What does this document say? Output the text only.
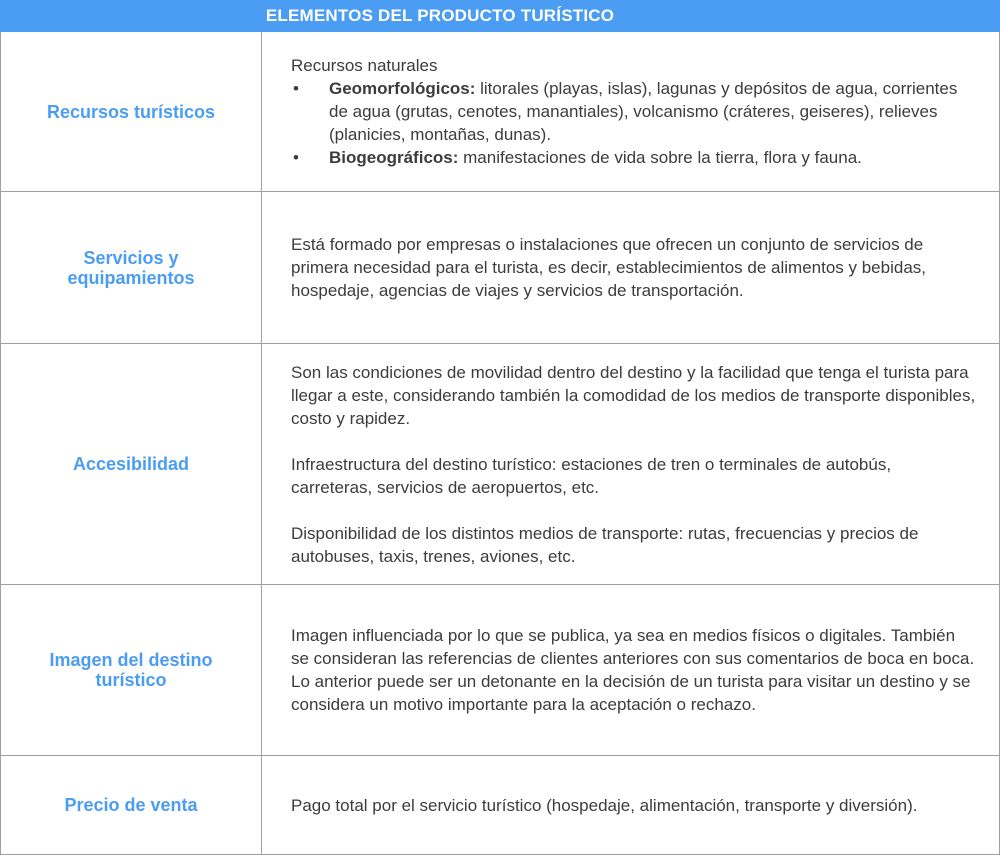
ELEMENTOS DEL PRODUCTO TURÍSTICO
Recursos turísticos
Recursos naturales
• Geomorfológicos: litorales (playas, islas), lagunas y depósitos de agua, corrientes de agua (grutas, cenotes, manantiales), volcanismo (cráteres, geiseres), relieves (planicies, montañas, dunas).
• Biogeográficos: manifestaciones de vida sobre la tierra, flora y fauna.
Servicios y equipamientos

Está formado por empresas o instalaciones que ofrecen un conjunto de servicios de primera necesidad para el turista, es decir, establecimientos de alimentos y bebidas, hospedaje, agencias de viajes y servicios de transportación.

Accesibilidad

Son las condiciones de movilidad dentro del destino y la facilidad que tenga el turista para llegar a este, considerando también la comodidad de los medios de transporte disponibles, costo y rapidez.

Infraestructura del destino turístico: estaciones de tren o terminales de autobús, carreteras, servicios de aeropuertos, etc.

Disponibilidad de los distintos medios de transporte: rutas, frecuencias y precios de autobuses, taxis, trenes, aviones, etc.

Imagen del destino turístico

Imagen influenciada por lo que se publica, ya sea en medios físicos o digitales. También se consideran las referencias de clientes anteriores con sus comentarios de boca en boca. Lo anterior puede ser un detonante en la decisión de un turista para visitar un destino y se considera un motivo importante para la aceptación o rechazo.

Precio de venta	Pago total por el servicio turístico (hospedaje, alimentación, transporte y diversión).
